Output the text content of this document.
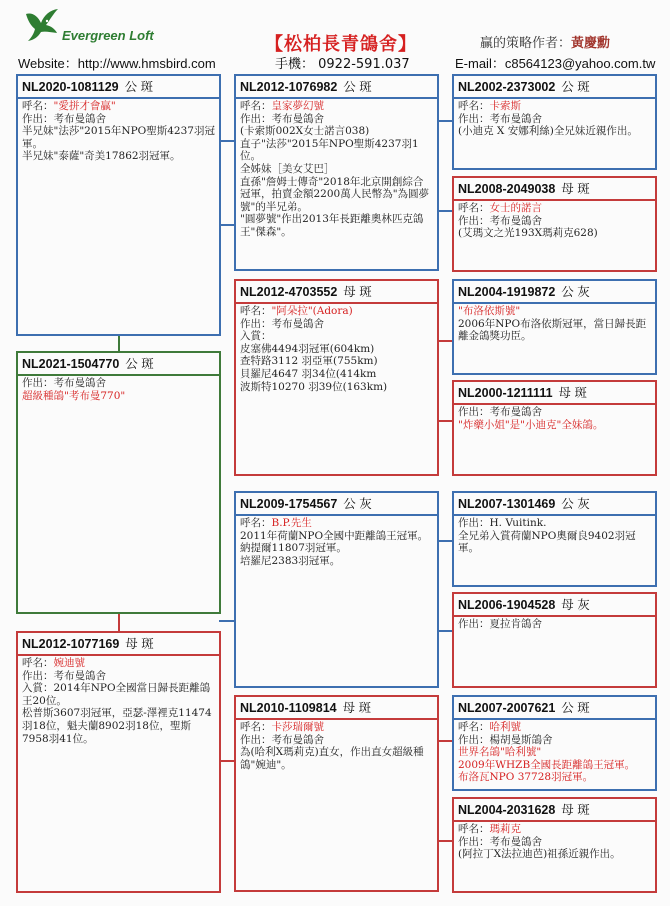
Evergreen Loft	【松柏長青鴿舍】	贏的策略作者：黃慶勳
Website：http://www.hmsbird.com	手機： 0922-591.037	E-mail：c8564123@yahoo.com.tw
NL2020-1081129 公 斑
呼名："愛拼才會贏"
作出：考布曼鴿舍
半兄妹"法莎"2015年NPO聖斯4237羽冠軍。
半兄妹"泰薩"奇美17862羽冠軍。
NL2021-1504770 公 斑
作出：考布曼鴿舍
超級種鴿"考布曼770"
NL2012-1077169 母 斑
呼名：婉迪號
作出：考布曼鴿舍
入賞：2014年NPO全國當日歸長距離鴿王20位。
松普斯3607羽冠軍，亞瑟-澤裡克11474羽18位，魁夫蘭8902羽18位，聖斯7958羽41位。
NL2012-1076982 公 斑
呼名：皇家夢幻號
作出：考布曼鴿舍
(卡索斯002X女士諾言038)
直子"法莎"2015年NPO聖斯4237羽1位。
全姊妹［美女艾巴］
直孫"詹姆士傳奇"2018年北京開創綜合冠軍，拍賣金額2200萬人民幣為"為圓夢號"的半兄弟。
"圓夢號"作出2013年長距離奧林匹克鴿王"傑森"。
NL2012-4703552 母 斑
呼名："阿朵拉"(Adora)
作出：考布曼鴿舍
入賞：
皮塞佛4494羽冠軍(604km)
查特路3112 羽亞軍(755km)
貝羅尼4647 羽34位(414km
波斯特10270 羽39位(163km)
NL2009-1754567 公 灰
呼名：B.P.先生
2011年荷蘭NPO全國中距離鴿王冠軍。
納提爾11807羽冠軍。
培羅尼2383羽冠軍。
NL2010-1109814 母 斑
呼名：卡莎瑞爾號
作出：考布曼鴿舍
為(哈利X瑪莉克)直女，作出直女超級種鴿"婉迪"。
NL2002-2373002 公 斑
呼名：卡索斯
作出：考布曼鴿舍
(小迪克 X 安娜利絲)全兄妹近親作出。
NL2008-2049038 母 斑
呼名：女士的諾言
作出：考布曼鴿舍
(艾瑪文之光193X瑪莉克628)
NL2004-1919872 公 灰
"布洛依斯號"
2006年NPO布洛依斯冠軍，當日歸長距離金鴿獎功臣。
NL2000-1211111 母 斑
作出：考布曼鴿舍
"炸藥小姐"是"小迪克"全妹鴿。
NL2007-1301469 公 灰
作出：H. Vuitink.
全兄弟入賞荷蘭NPO奧爾良9402羽冠軍。
NL2006-1904528 母 灰
作出：夏拉肯鴿舍
NL2007-2007621 公 斑
呼名：哈利號
作出：楊胡曼斯鴿舍
世界名鴿"哈利號"
2009年WHZB全國長距離鴿王冠軍。
布洛瓦NPO 37728羽冠軍。
NL2004-2031628 母 斑
呼名：瑪莉克
作出：考布曼鴿舍
(阿拉丁X法拉迪芭)祖孫近親作出。
